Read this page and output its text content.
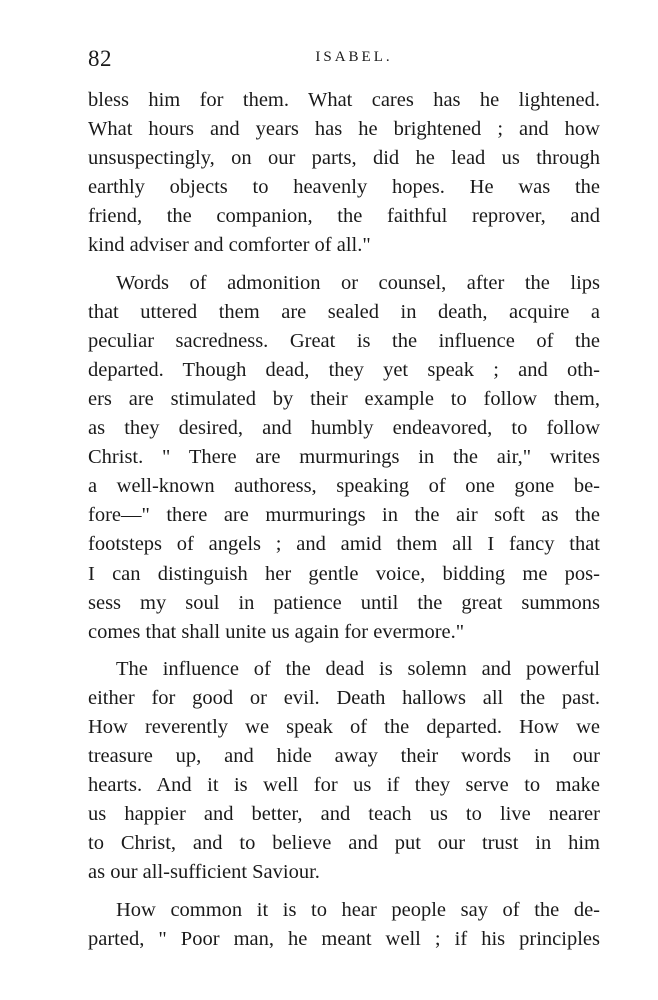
82	ISABEL.
bless him for them. What cares has he lightened.
What hours and years has he brightened ; and how
unsuspectingly, on our parts, did he lead us through
earthly objects to heavenly hopes. He was the
friend, the companion, the faithful reprover, and
kind adviser and comforter of all."
Words of admonition or counsel, after the lips
that uttered them are sealed in death, acquire a
peculiar sacredness. Great is the influence of the
departed. Though dead, they yet speak ; and oth-
ers are stimulated by their example to follow them,
as they desired, and humbly endeavored, to follow
Christ. " There are murmurings in the air," writes
a well-known authoress, speaking of one gone be-
fore—" there are murmurings in the air soft as the
footsteps of angels ; and amid them all I fancy that
I can distinguish her gentle voice, bidding me pos-
sess my soul in patience until the great summons
comes that shall unite us again for evermore."
The influence of the dead is solemn and powerful
either for good or evil. Death hallows all the past.
How reverently we speak of the departed. How we
treasure up, and hide away their words in our
hearts. And it is well for us if they serve to make
us happier and better, and teach us to live nearer
to Christ, and to believe and put our trust in him
as our all-sufficient Saviour.
How common it is to hear people say of the de-
parted, " Poor man, he meant well ; if his principles
